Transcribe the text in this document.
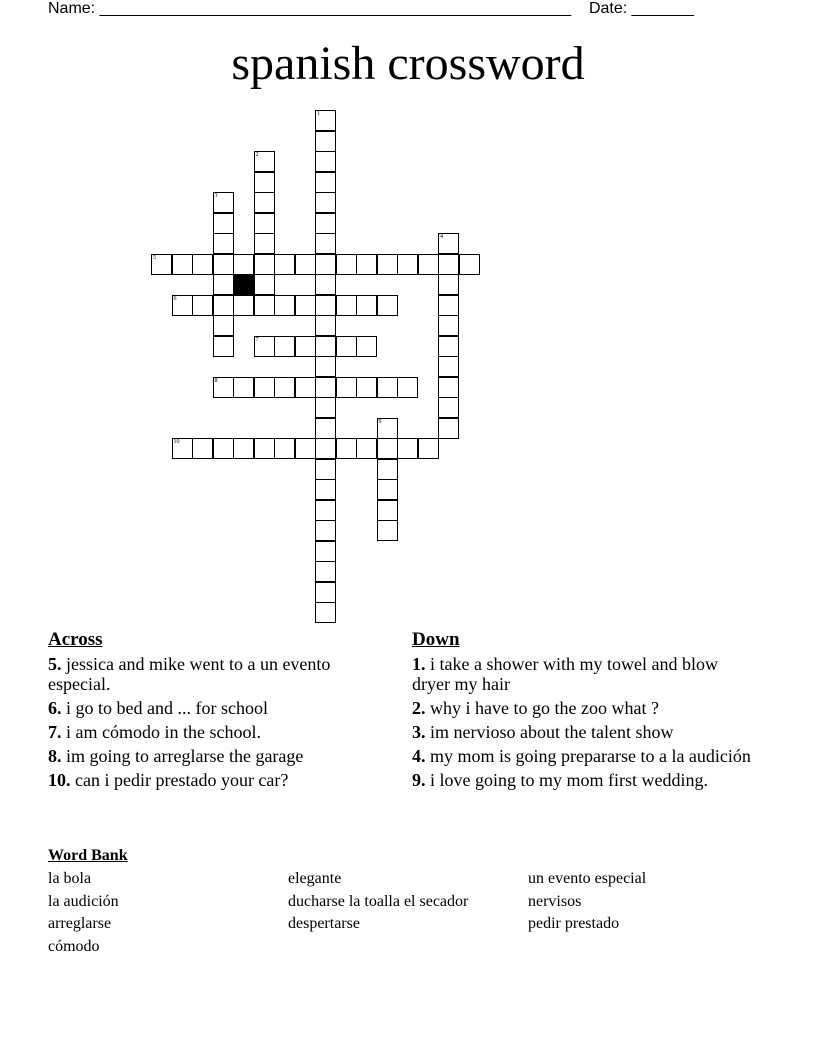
Name: _____________________________________________________ Date: _______
spanish crossword
1
2
3
4
5
6
7
8
9
10
Across
5. jessica and mike went to a un evento especial.
6. i go to bed and ... for school
7. i am cómodo in the school.
8. im going to arreglarse the garage
10. can i pedir prestado your car?
Down
1. i take a shower with my towel and blow dryer my hair
2. why i have to go the zoo what ?
3. im nervioso about the talent show
4. my mom is going prepararse to a la audición
9. i love going to my mom first wedding.
Word Bank
la bola
la audición
arreglarse
cómodo
elegante
ducharse la toalla el secador
despertarse
un evento especial
nervisos
pedir prestado
